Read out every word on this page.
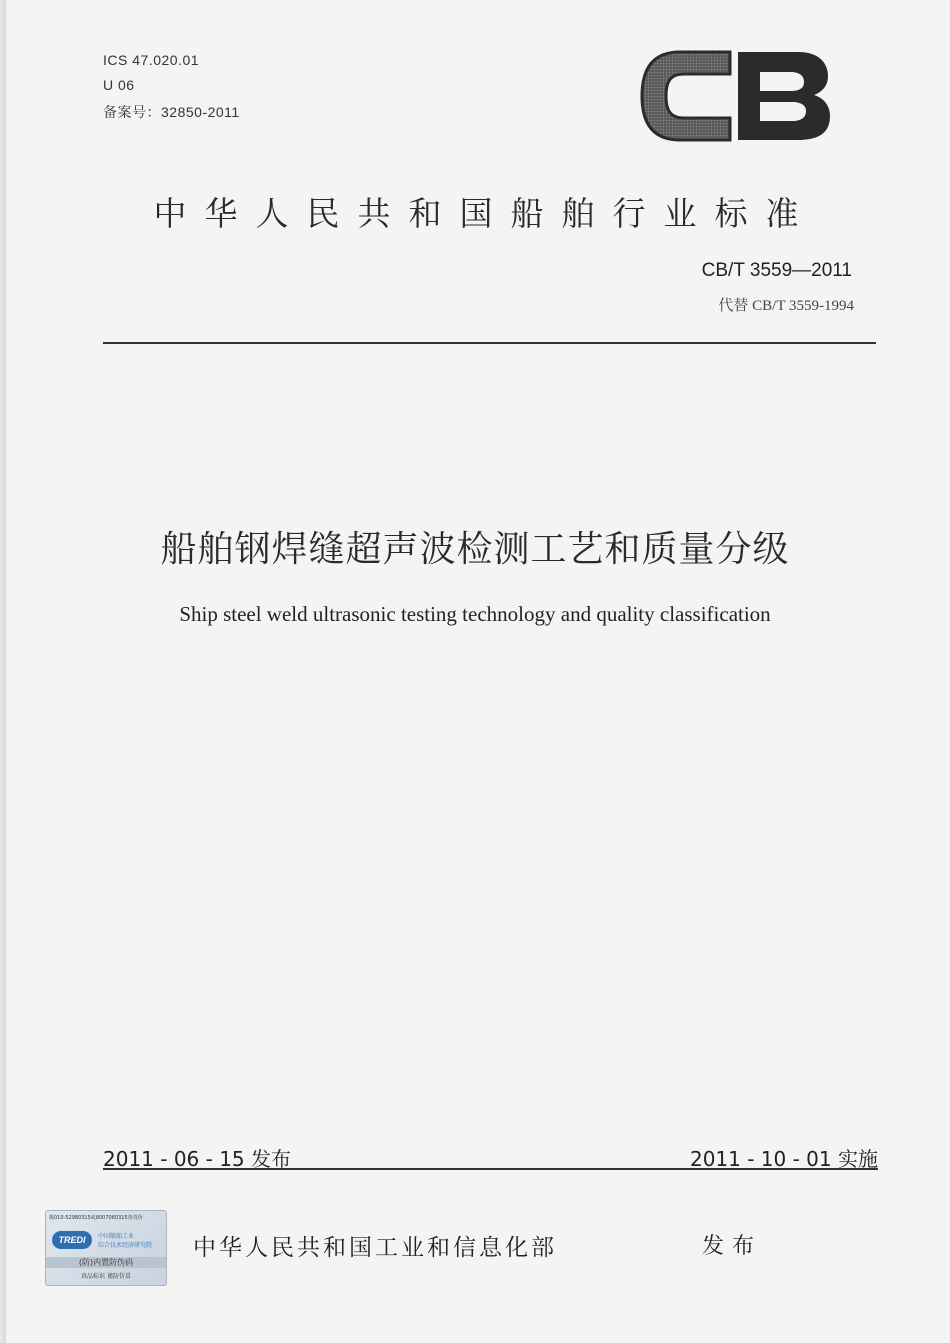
ICS 47.020.01
U 06
备案号：32850-2011
中华人民共和国船舶行业标准
CB/T 3559—2011
代替 CB/T 3559-1994
船舶钢焊缝超声波检测工艺和质量分级
Ship steel weld ultrasonic testing technology and quality classification
2011 - 06 - 15 发布	2011 - 10 - 01 实施
拨010-52980315或8007060315查真伪
TREDI	中国船舶工业
综合技术经济研究院
(防)内置防伪码
真品标识 谨防仿冒
中华人民共和国工业和信息化部	发布
